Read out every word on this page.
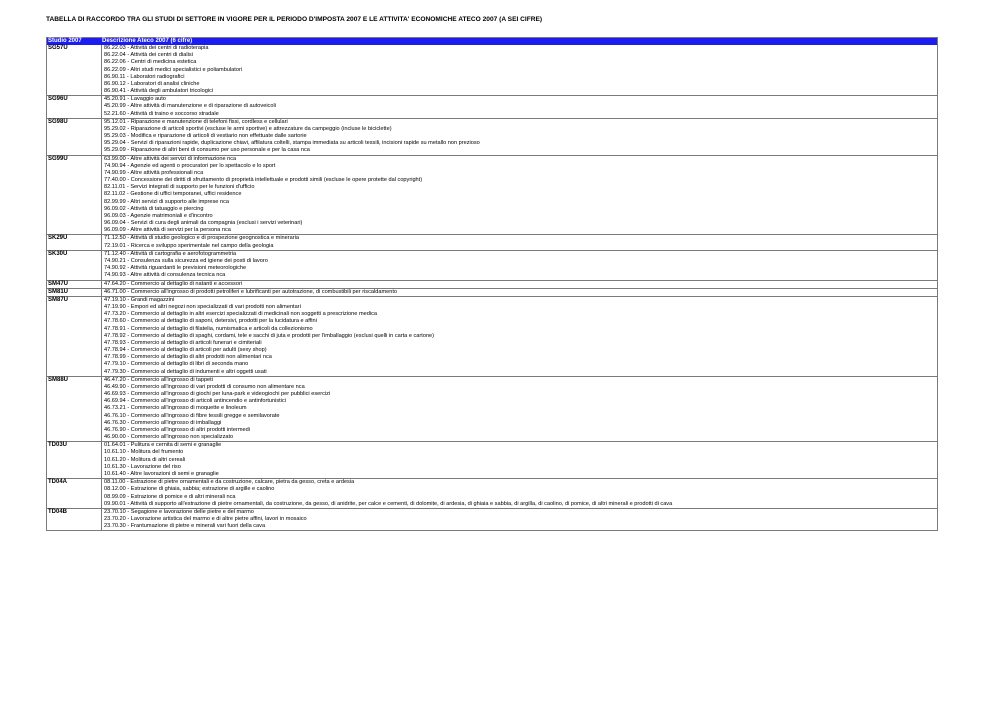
TABELLA DI RACCORDO TRA GLI STUDI DI SETTORE IN VIGORE PER IL PERIODO D'IMPOSTA 2007 E LE ATTIVITA' ECONOMICHE ATECO 2007 (A SEI CIFRE)
Studio 2007	Descrizione Ateco 2007 (6 cifre)
SG57U	86.22.03 - Attività dei centri di radioterapia
86.22.04 - Attività dei centri di dialisi
86.22.06 - Centri di medicina estetica
86.22.09 - Altri studi medici specialistici e poliambulatori
86.90.11 - Laboratori radiografici
86.90.12 - Laboratori di analisi cliniche
86.90.41 - Attività degli ambulatori tricologici
SG96U	45.20.91 - Lavaggio auto
45.20.99 - Altre attività di manutenzione e di riparazione di autoveicoli
52.21.60 - Attività di traino e soccorso stradale
SG98U	95.12.01 - Riparazione e manutenzione di telefoni fissi, cordless e cellulari
95.29.02 - Riparazione di articoli sportivi (escluse le armi sportive) e attrezzature da campeggio (incluse le biciclette)
95.29.03 - Modifica e riparazione di articoli di vestiario non effettuate dalle sartorie
95.29.04 - Servizi di riparazioni rapide, duplicazione chiavi, affilatura coltelli, stampa immediata su articoli tessili, incisioni rapide su metallo non prezioso
95.29.09 - Riparazione di altri beni di consumo per uso personale e per la casa nca
SG99U	63.99.00 - Altre attività dei servizi di informazione nca
74.90.94 - Agenzie ed agenti o procuratori per lo spettacolo e lo sport
74.90.99 - Altre attività professionali nca
77.40.00 - Concessione dei diritti di sfruttamento di proprietà intellettuale e prodotti simili (escluse le opere protette dal copyright)
82.11.01 - Servizi integrati di supporto per le funzioni d'ufficio
82.11.02 - Gestione di uffici temporanei, uffici residence
82.99.99 - Altri servizi di supporto alle imprese nca
96.09.02 - Attività di tatuaggio e piercing
96.09.03 - Agenzie matrimoniali e d'incontro
96.09.04 - Servizi di cura degli animali da compagnia (esclusi i servizi veterinari)
96.09.09 - Altre attività di servizi per la persona nca
SK29U	71.12.50 - Attività di studio geologico e di prospezione geognostica e mineraria
72.19.01 - Ricerca e sviluppo sperimentale nel campo della geologia
SK30U	71.12.40 - Attività di cartografia e aerofotogrammetria
74.90.21 - Consulenza sulla sicurezza ed igiene dei posti di lavoro
74.90.92 - Attività riguardanti le previsioni meteorologiche
74.90.93 - Altre attività di consulenza tecnica nca
SM47U	47.64.20 - Commercio al dettaglio di natanti e accessori
SM81U	46.71.00 - Commercio all'ingrosso di prodotti petroliferi e lubrificanti per autotrazione, di combustibili per riscaldamento
SM87U	47.19.10 - Grandi magazzini
47.19.90 - Empori ed altri negozi non specializzati di vari prodotti non alimentari
47.73.20 - Commercio al dettaglio in altri esercizi specializzati di medicinali non soggetti a prescrizione medica
47.78.60 - Commercio al dettaglio di saponi, detersivi, prodotti per la lucidatura e affini
47.78.91 - Commercio al dettaglio di filatelia, numismatica e articoli da collezionismo
47.78.92 - Commercio al dettaglio di spaghi, cordami, tele e sacchi di juta e prodotti per l'imballaggio (esclusi quelli in carta e cartone)
47.78.93 - Commercio al dettaglio di articoli funerari e cimiteriali
47.78.94 - Commercio al dettaglio di articoli per adulti (sexy shop)
47.78.99 - Commercio al dettaglio di altri prodotti non alimentari nca
47.79.10 - Commercio al dettaglio di libri di seconda mano
47.79.30 - Commercio al dettaglio di indumenti e altri oggetti usati
SM88U	46.47.20 - Commercio all'ingrosso di tappeti
46.49.90 - Commercio all'ingrosso di vari prodotti di consumo non alimentare nca
46.69.93 - Commercio all'ingrosso di giochi per luna-park e videogiochi per pubblici esercizi
46.69.94 - Commercio all'ingrosso di articoli antincendio e antinfortunistici
46.73.21 - Commercio all'ingrosso di moquette e linoleum
46.76.10 - Commercio all'ingrosso di fibre tessili gregge e semilavorate
46.76.30 - Commercio all'ingrosso di imballaggi
46.76.90 - Commercio all'ingrosso di altri prodotti intermedi
46.90.00 - Commercio all'ingrosso non specializzato
TD03U	01.64.01 - Pulitura e cernita di semi e granaglie
10.61.10 - Molitura del frumento
10.61.20 - Molitura di altri cereali
10.61.30 - Lavorazione del riso
10.61.40 - Altre lavorazioni di semi e granaglie
TD04A	08.11.00 - Estrazione di pietre ornamentali e da costruzione, calcare, pietra da gesso, creta e ardesia
08.12.00 - Estrazione di ghiaia, sabbia; estrazione di argille e caolino
08.99.09 - Estrazione di pomice e di altri minerali nca
09.90.01 - Attività di supporto all'estrazione di pietre ornamentali, da costruzione, da gesso, di anidrite, per calce e cementi, di dolomite, di ardesia, di ghiaia e sabbia, di argilla, di caolino, di pomice, di altri minerali e prodotti di cava
TD04B	23.70.10 - Segagione e lavorazione delle pietre e del marmo
23.70.20 - Lavorazione artistica del marmo e di altre pietre affini, lavori in mosaico
23.70.30 - Frantumazione di pietre e minerali vari fuori della cava
